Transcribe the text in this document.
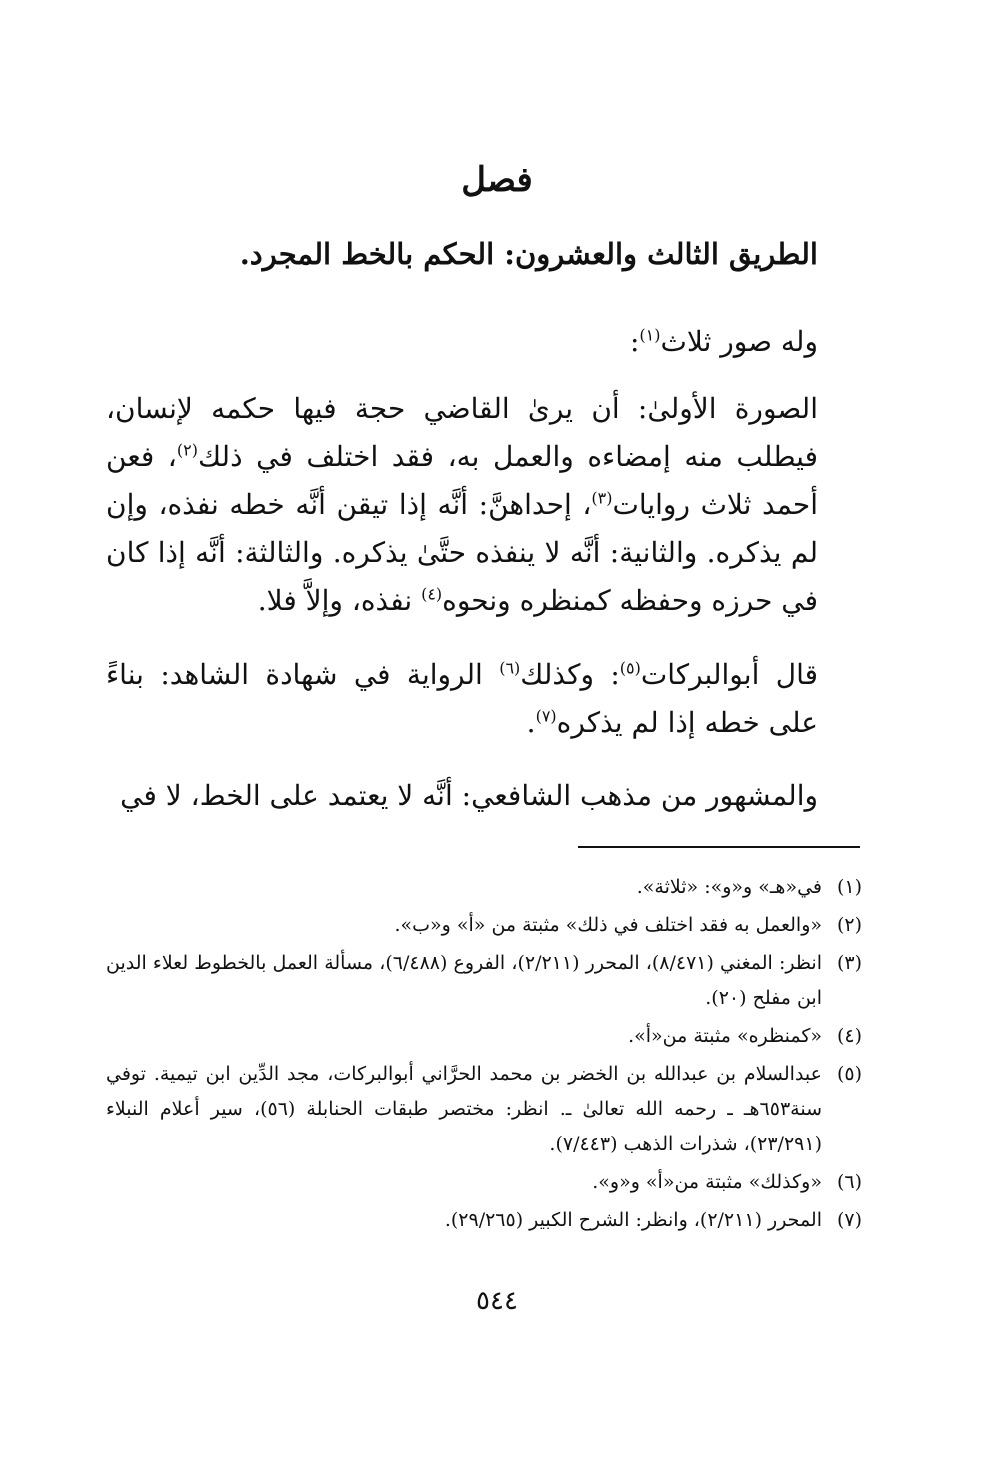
فصل
الطريق الثالث والعشرون: الحكم بالخط المجرد.
وله صور ثلاث$^{(١)}$:

الصورة الأولىٰ: أن يرىٰ القاضي حجة فيها حكمه لإنسان، فيطلب منه إمضاءه والعمل به، فقد اختلف في ذلك$^{(٢)}$، فعن أحمد ثلاث روايات$^{(٣)}$، إحداهنَّ: أنَّه إذا تيقن أنَّه خطه نفذه، وإن لم يذكره. والثانية: أنَّه لا ينفذه حتَّىٰ يذكره. والثالثة: أنَّه إذا كان في حرزه وحفظه كمنظره ونحوه$^{(٤)}$ نفذه، وإلاَّ فلا.

قال أبوالبركات$^{(٥)}$: وكذلك$^{(٦)}$ الرواية في شهادة الشاهد: بناءً على خطه إذا لم يذكره$^{(٧)}$.

والمشهور من مذهب الشافعي: أنَّه لا يعتمد على الخط، لا في

(١)
في«هـ» و«و»: «ثلاثة».
(٢)
«والعمل به فقد اختلف في ذلك» مثبتة من «أ» و«ب».
(٣)
انظر: المغني (٨/٤٧١)، المحرر (٢/٢١١)، الفروع (٦/٤٨٨)، مسألة العمل بالخطوط لعلاء الدين ابن مفلح (٢٠).
(٤)
«كمنظره» مثبتة من«أ».
(٥)
عبدالسلام بن عبدالله بن الخضر بن محمد الحرَّاني أبوالبركات، مجد الدِّين ابن تيمية. توفي سنة٦٥٣هـ ـ رحمه الله تعالىٰ ـ. انظر: مختصر طبقات الحنابلة (٥٦)، سير أعلام النبلاء (٢٣/٢٩١)، شذرات الذهب (٧/٤٤٣).
(٦)
«وكذلك» مثبتة من«أ» و«و».
(٧)
المحرر (٢/٢١١)، وانظر: الشرح الكبير (٢٩/٢٦٥).
٥٤٤
